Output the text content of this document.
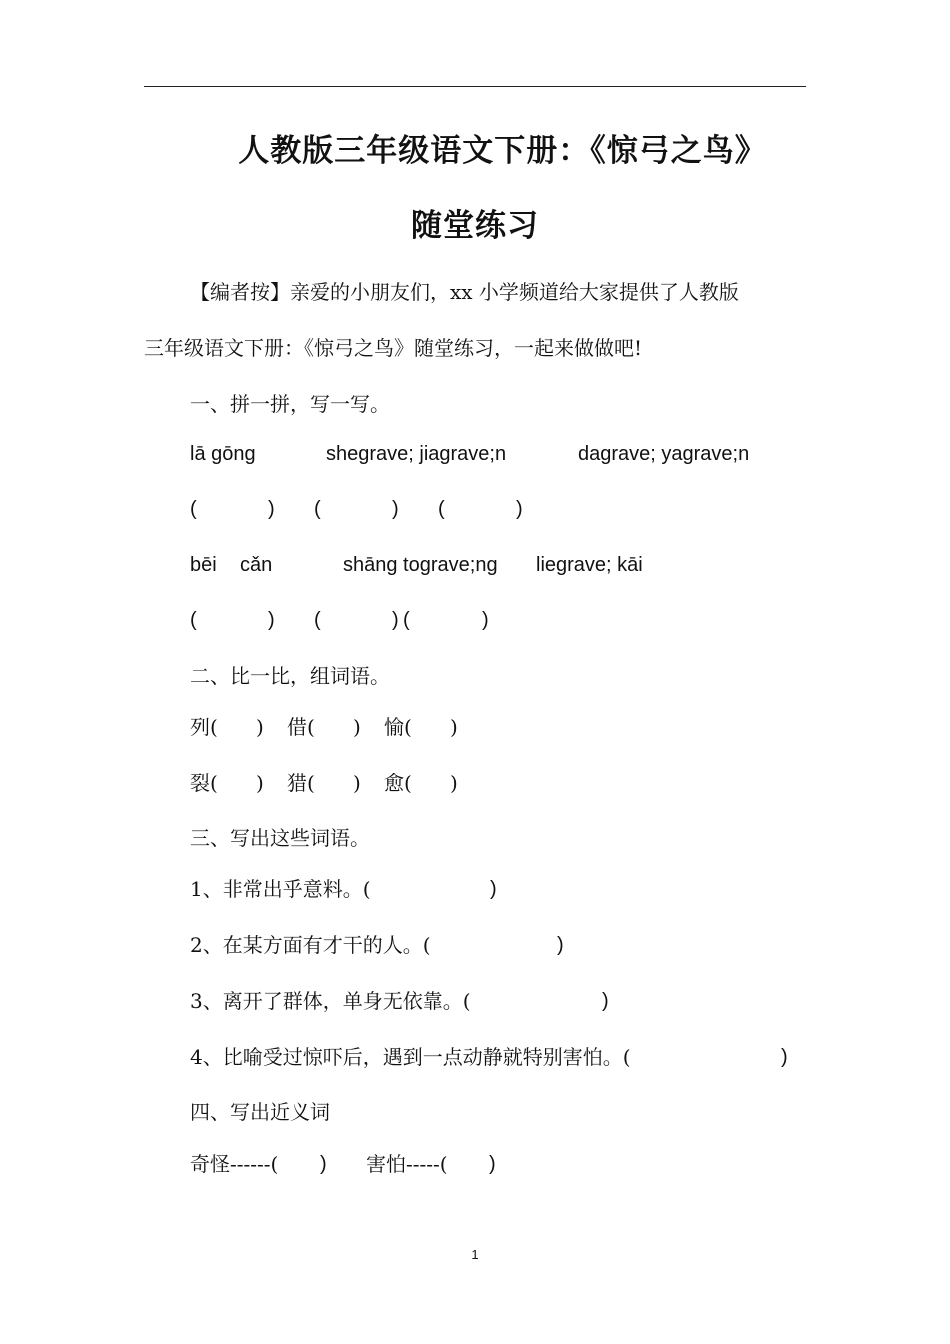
人教版三年级语文下册：《惊弓之鸟》
随堂练习
【编者按】亲爱的小朋友们，xx 小学频道给大家提供了人教版
三年级语文下册：《惊弓之鸟》随堂练习，一起来做做吧!
一、拼一拼，写一写。
lā gōng	shegrave; jiagrave;n	dagrave; yagrave;n
(	) (	) (	)
bēi cǎn	shāng tograve;ng liegrave; kāi
(	) (	) (	)
二、比一比，组词语。
列( ) 借( ) 愉( )
裂( ) 猎( ) 愈( )
三、写出这些词语。
1、非常出乎意料。(	)
2、在某方面有才干的人。(	)
3、离开了群体，单身无依靠。(	)
4、比喻受过惊吓后，遇到一点动静就特别害怕。(	)
四、写出近义词
奇怪------( ) 害怕-----( )
1
